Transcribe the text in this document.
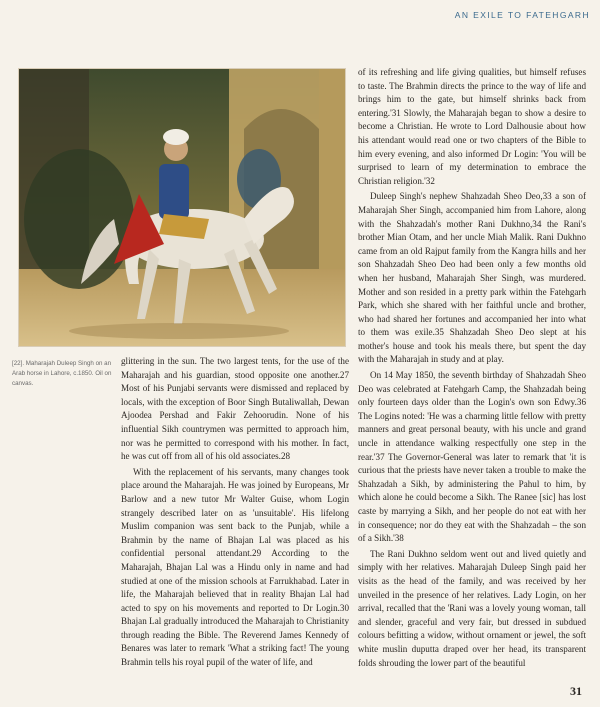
AN EXILE TO FATEHGARH
[22]. Maharajah Duleep Singh on an Arab horse in Lahore, c.1850. Oil on canvas.

glittering in the sun. The two largest tents, for the use of the Maharajah and his guardian, stood opposite one another.27 Most of his Punjabi servants were dismissed and replaced by locals, with the exception of Boor Singh Butaliwallah, Dewan Ajoodea Pershad and Fakir Zehoorudin. None of his influential Sikh countrymen was permitted to approach him, nor was he permitted to correspond with his mother. In fact, he was cut off from all of his old associates.28

With the replacement of his servants, many changes took place around the Maharajah. He was joined by Europeans, Mr Barlow and a new tutor Mr Walter Guise, whom Login strangely described later on as 'unsuitable'. His lifelong Muslim companion was sent back to the Punjab, while a Brahmin by the name of Bhajan Lal was placed as his confidential personal attendant.29 According to the Maharajah, Bhajan Lal was a Hindu only in name and had studied at one of the mission schools at Farrukhabad. Later in life, the Maharajah believed that in reality Bhajan Lal had acted to spy on his movements and reported to Dr Login.30 Bhajan Lal gradually introduced the Maharajah to Christianity through reading the Bible. The Reverend James Kennedy of Benares was later to remark 'What a striking fact! The young Brahmin tells his royal pupil of the water of life, and

of its refreshing and life giving qualities, but himself refuses to taste. The Brahmin directs the prince to the way of life and brings him to the gate, but himself shrinks back from entering.'31 Slowly, the Maharajah began to show a desire to become a Christian. He wrote to Lord Dalhousie about how his attendant would read one or two chapters of the Bible to him every evening, and also informed Dr Login: 'You will be surprised to learn of my determination to embrace the Christian religion.'32

Duleep Singh's nephew Shahzadah Sheo Deo,33 a son of Maharajah Sher Singh, accompanied him from Lahore, along with the Shahzadah's mother Rani Dukhno,34 the Rani's brother Mian Otam, and her uncle Miah Malik. Rani Dukhno came from an old Rajput family from the Kangra hills and her son Shahzadah Sheo Deo had been only a few months old when her husband, Maharajah Sher Singh, was murdered. Mother and son resided in a pretty park within the Fatehgarh Park, which she shared with her faithful uncle and brother, who had shared her fortunes and accompanied her into what to them was exile.35 Shahzadah Sheo Deo slept at his mother's house and took his meals there, but spent the day with the Maharajah in study and at play.

On 14 May 1850, the seventh birthday of Shahzadah Sheo Deo was celebrated at Fatehgarh Camp, the Shahzadah being only fourteen days older than the Login's own son Edwy.36 The Logins noted: 'He was a charming little fellow with pretty manners and great personal beauty, with his uncle and grand uncle in attendance walking respectfully one step in the rear.'37 The Governor-General was later to remark that 'it is curious that the priests have never taken a trouble to make the Shahzadah a Sikh, by administering the Pahul to him, by which alone he could become a Sikh. The Ranee [sic] has lost caste by marrying a Sikh, and her people do not eat with her in consequence; nor do they eat with the Shahzadah – the son of a Sikh.'38

The Rani Dukhno seldom went out and lived quietly and simply with her relatives. Maharajah Duleep Singh paid her visits as the head of the family, and was received by her unveiled in the presence of her relatives. Lady Login, on her arrival, recalled that the 'Rani was a lovely young woman, tall and slender, graceful and very fair, but dressed in subdued colours befitting a widow, without ornament or jewel, the soft white muslin duputta draped over her head, its transparent folds shrouding the lower part of the beautiful

31
